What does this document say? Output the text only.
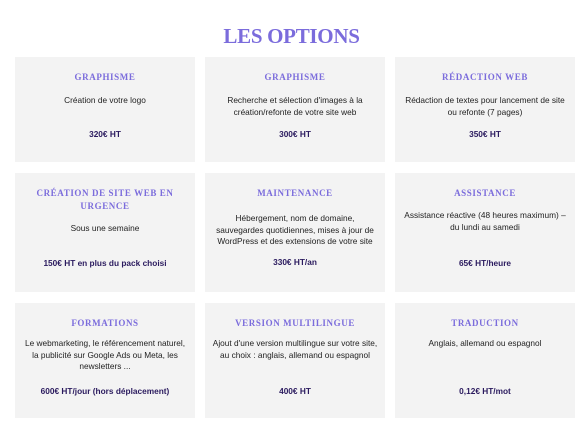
LES OPTIONS
GRAPHISME
Création de votre logo
320€ HT
GRAPHISME
Recherche et sélection d'images à la création/refonte de votre site web
300€ HT
RÉDACTION WEB
Rédaction de textes pour lancement de site ou refonte (7 pages)
350€ HT
CRÉATION DE SITE WEB EN URGENCE
Sous une semaine
150€ HT en plus du pack choisi
MAINTENANCE
Hébergement, nom de domaine, sauvegardes quotidiennes, mises à jour de WordPress et des extensions de votre site
330€ HT/an
ASSISTANCE
Assistance réactive (48 heures maximum) – du lundi au samedi
65€ HT/heure
FORMATIONS
Le webmarketing, le référencement naturel, la publicité sur Google Ads ou Meta, les newsletters ...
600€ HT/jour (hors déplacement)
VERSION MULTILINGUE
Ajout d'une version multilingue sur votre site, au choix : anglais, allemand ou espagnol
400€ HT
TRADUCTION
Anglais, allemand ou espagnol
0,12€ HT/mot
